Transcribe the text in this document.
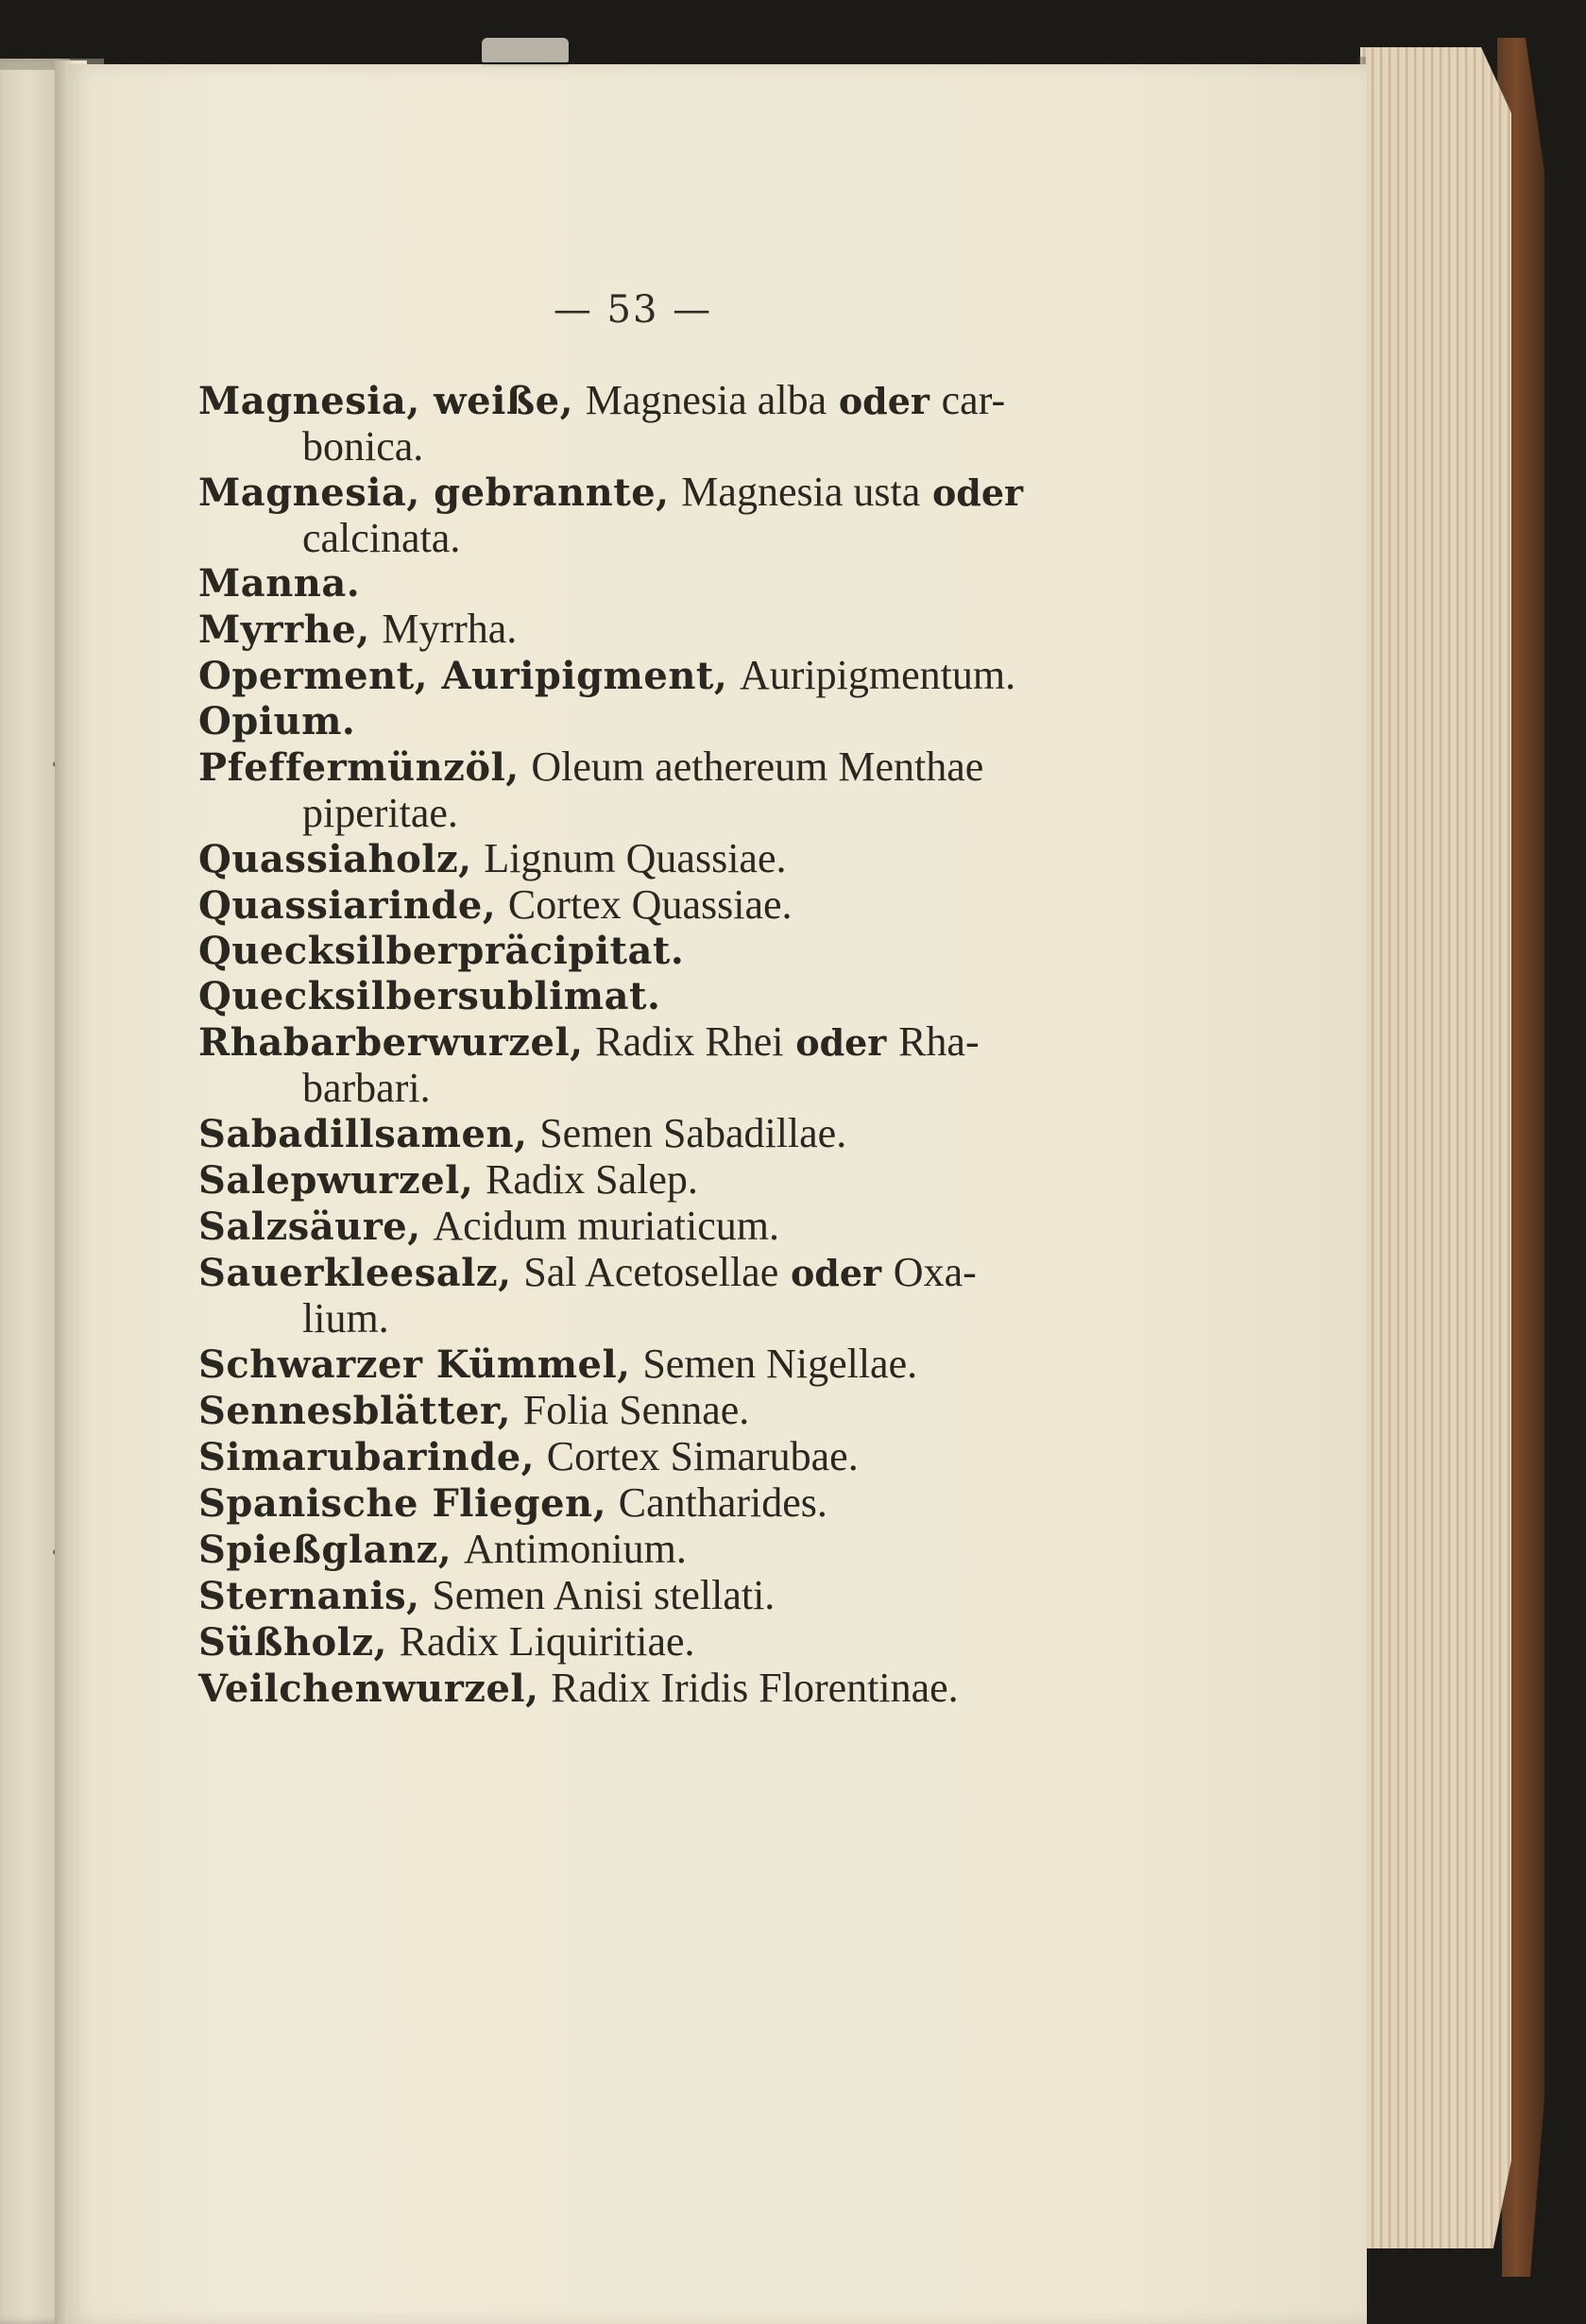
— 53 —
Magnesia, weiße, Magnesia alba oder car-
bonica.
Magnesia, gebrannte, Magnesia usta oder
calcinata.
Manna.
Myrrhe, Myrrha.
Operment, Auripigment, Auripigmentum.
Opium.
Pfeffermünzöl, Oleum aethereum Menthae
piperitae.
Quassiaholz, Lignum Quassiae.
Quassiarinde, Cortex Quassiae.
Quecksilberpräcipitat.
Quecksilbersublimat.
Rhabarberwurzel, Radix Rhei oder Rha-
barbari.
Sabadillsamen, Semen Sabadillae.
Salepwurzel, Radix Salep.
Salzsäure, Acidum muriaticum.
Sauerkleesalz, Sal Acetosellae oder Oxa-
lium.
Schwarzer Kümmel, Semen Nigellae.
Sennesblätter, Folia Sennae.
Simarubarinde, Cortex Simarubae.
Spanische Fliegen, Cantharides.
Spießglanz, Antimonium.
Sternanis, Semen Anisi stellati.
Süßholz, Radix Liquiritiae.
Veilchenwurzel, Radix Iridis Florentinae.
